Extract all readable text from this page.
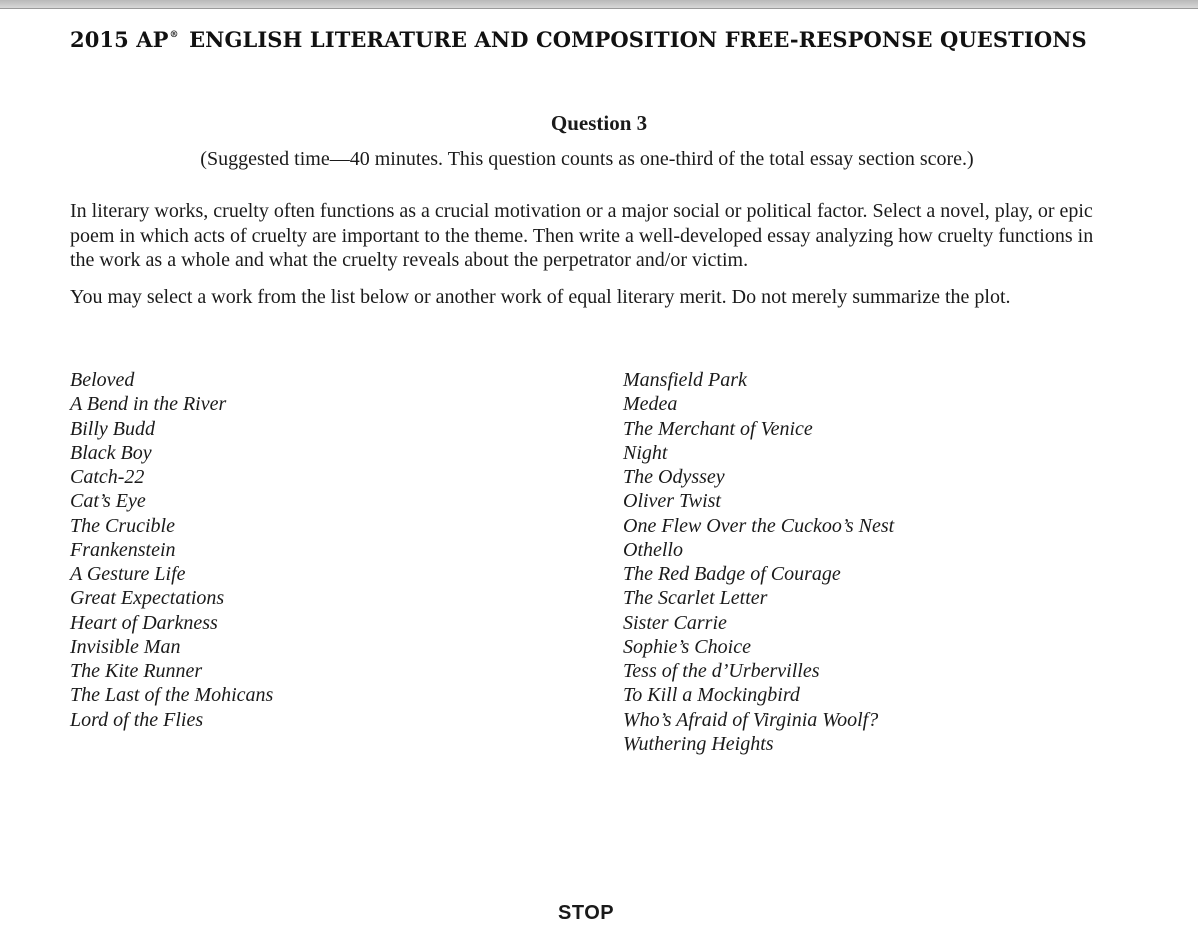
2015 AP® ENGLISH LITERATURE AND COMPOSITION FREE-RESPONSE QUESTIONS
Question 3
(Suggested time—40 minutes. This question counts as one-third of the total essay section score.)

In literary works, cruelty often functions as a crucial motivation or a major social or political factor. Select a novel, play, or epic poem in which acts of cruelty are important to the theme. Then write a well-developed essay analyzing how cruelty functions in the work as a whole and what the cruelty reveals about the perpetrator and/or victim.

You may select a work from the list below or another work of equal literary merit. Do not merely summarize the plot.

Beloved
A Bend in the River
Billy Budd
Black Boy
Catch-22
Cat’s Eye
The Crucible
Frankenstein
A Gesture Life
Great Expectations
Heart of Darkness
Invisible Man
The Kite Runner
The Last of the Mohicans
Lord of the Flies
Mansfield Park
Medea
The Merchant of Venice
Night
The Odyssey
Oliver Twist
One Flew Over the Cuckoo’s Nest
Othello
The Red Badge of Courage
The Scarlet Letter
Sister Carrie
Sophie’s Choice
Tess of the d’Urbervilles
To Kill a Mockingbird
Who’s Afraid of Virginia Woolf?
Wuthering Heights
STOP
